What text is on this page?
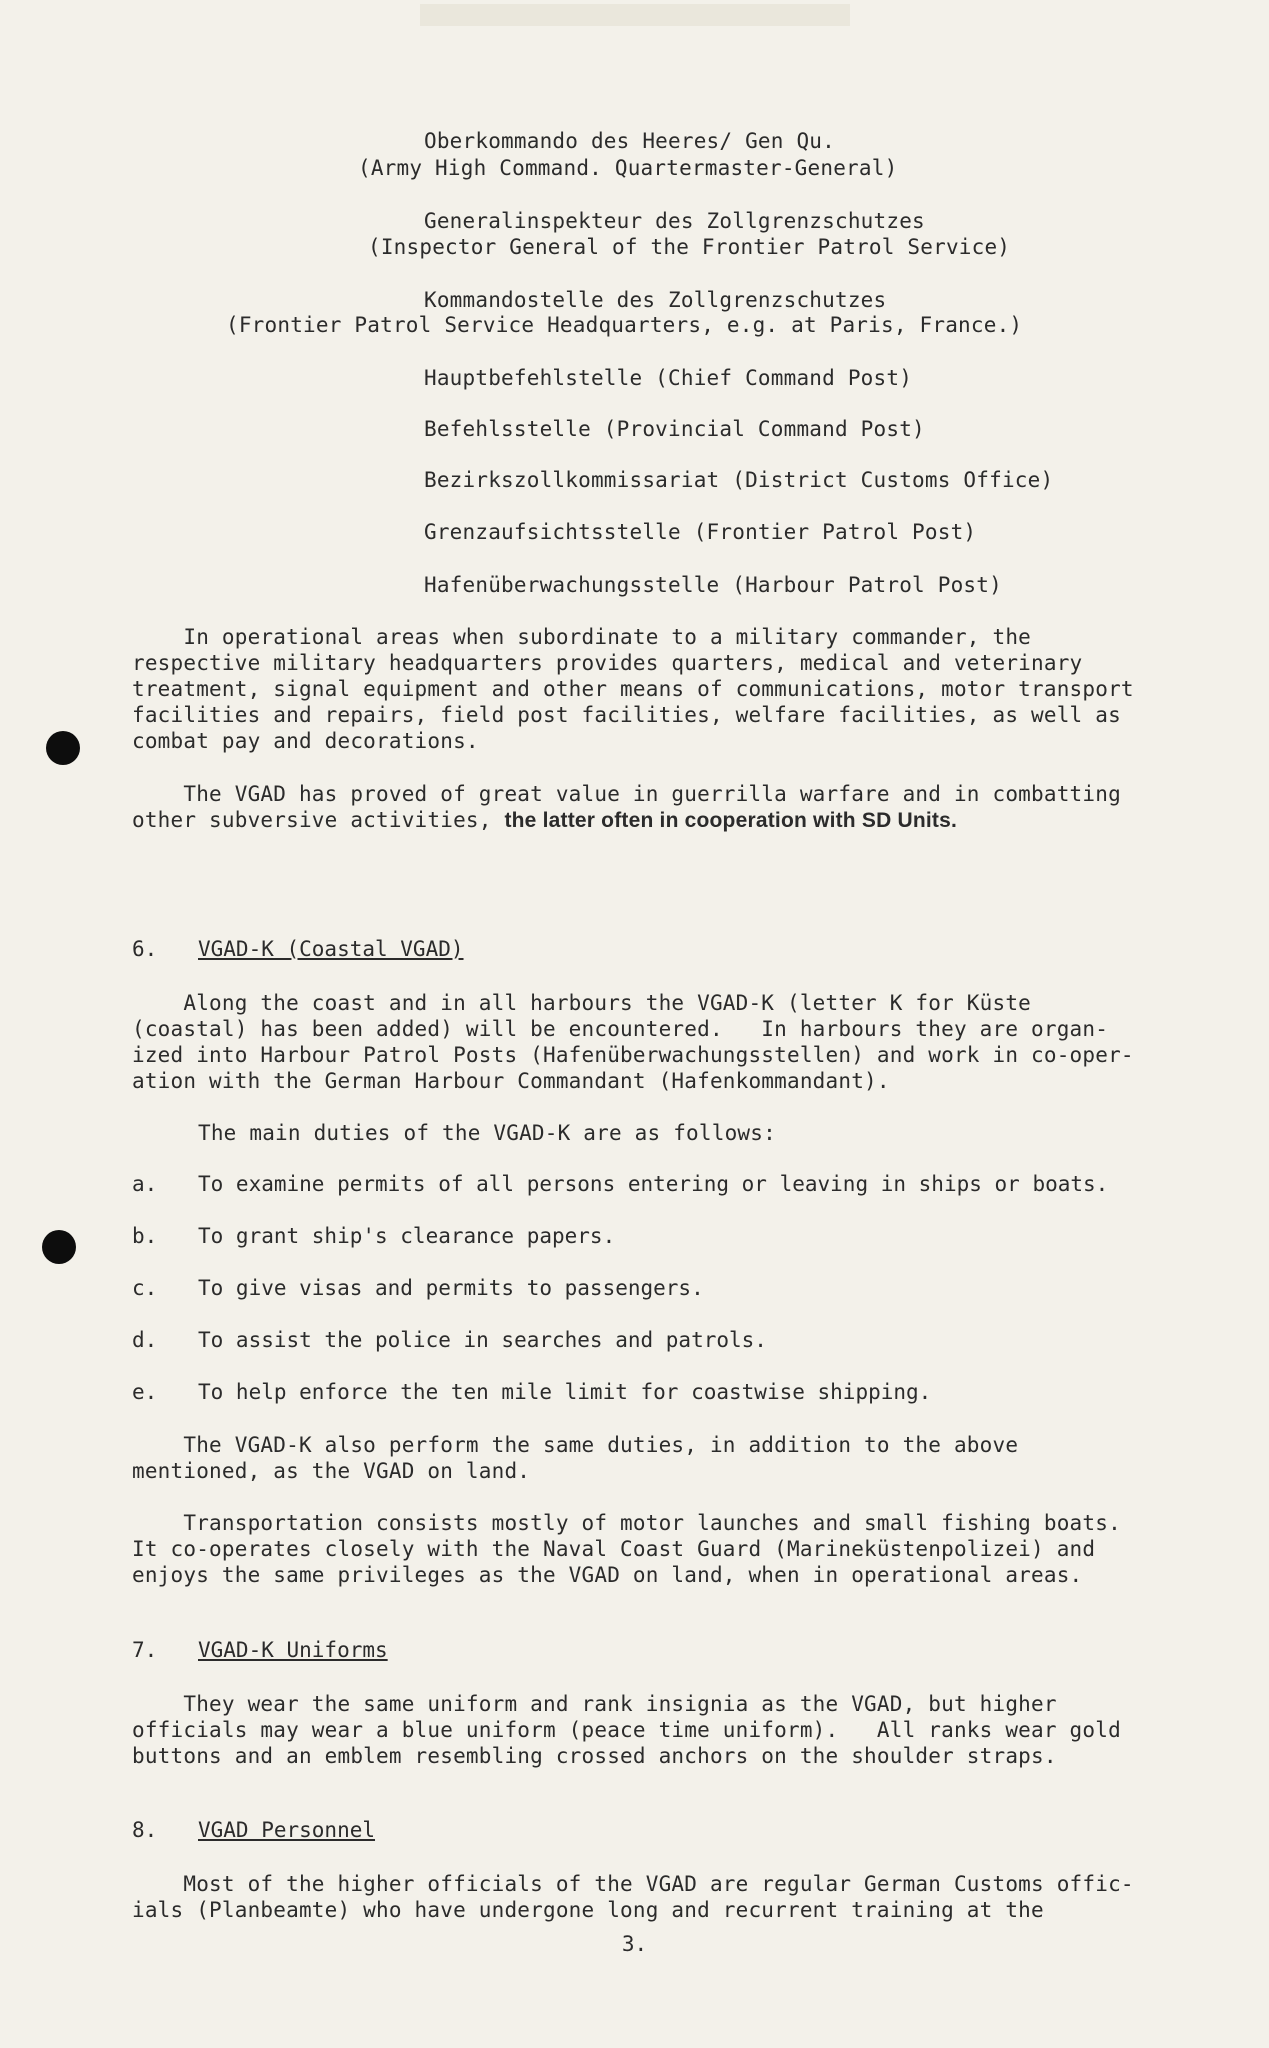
Oberkommando des Heeres/ Gen Qu.
(Army High Command. Quartermaster-General)
Generalinspekteur des Zollgrenzschutzes
(Inspector General of the Frontier Patrol Service)
Kommandostelle des Zollgrenzschutzes
(Frontier Patrol Service Headquarters, e.g. at Paris, France.)
Hauptbefehlstelle (Chief Command Post)
Befehlsstelle (Provincial Command Post)
Bezirkszollkommissariat (District Customs Office)
Grenzaufsichtsstelle (Frontier Patrol Post)
Hafenüberwachungsstelle (Harbour Patrol Post)
In operational areas when subordinate to a military commander, the
respective military headquarters provides quarters, medical and veterinary
treatment, signal equipment and other means of communications, motor transport
facilities and repairs, field post facilities, welfare facilities, as well as
combat pay and decorations.
The VGAD has proved of great value in guerrilla warfare and in combatting
other subversive activities, the latter often in cooperation with SD Units.
6. VGAD-K (Coastal VGAD)
Along the coast and in all harbours the VGAD-K (letter K for Küste
(coastal) has been added) will be encountered.   In harbours they are organ-
ized into Harbour Patrol Posts (Hafenüberwachungsstellen) and work in co-oper-
ation with the German Harbour Commandant (Hafenkommandant).
The main duties of the VGAD-K are as follows:
a. To examine permits of all persons entering or leaving in ships or boats.
b. To grant ship's clearance papers.
c. To give visas and permits to passengers.
d. To assist the police in searches and patrols.
e. To help enforce the ten mile limit for coastwise shipping.
The VGAD-K also perform the same duties, in addition to the above
mentioned, as the VGAD on land.
Transportation consists mostly of motor launches and small fishing boats.
It co-operates closely with the Naval Coast Guard (Marineküstenpolizei) and
enjoys the same privileges as the VGAD on land, when in operational areas.
7. VGAD-K Uniforms
They wear the same uniform and rank insignia as the VGAD, but higher
officials may wear a blue uniform (peace time uniform).   All ranks wear gold
buttons and an emblem resembling crossed anchors on the shoulder straps.
8. VGAD Personnel
Most of the higher officials of the VGAD are regular German Customs offic-
ials (Planbeamte) who have undergone long and recurrent training at the
3.
